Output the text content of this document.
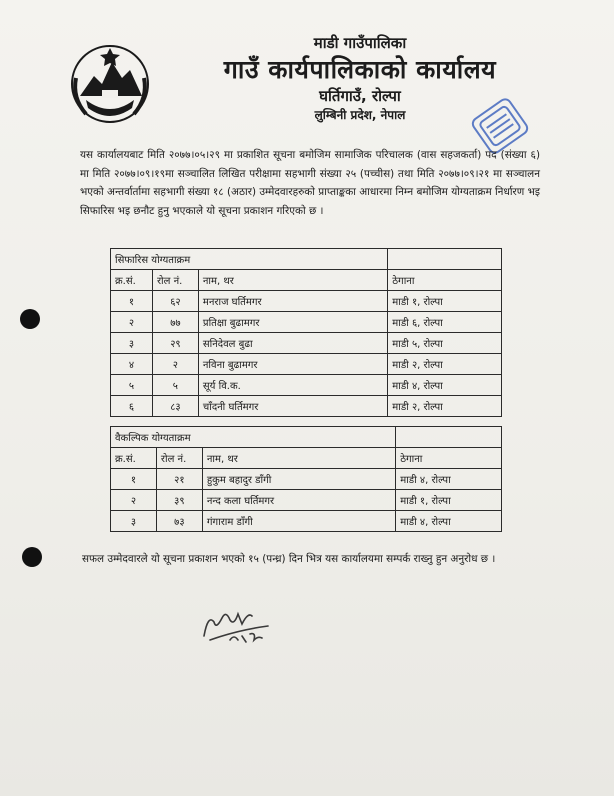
माडी गाउँपालिका
गाउँ कार्यपालिकाको कार्यालय
घर्तिगाउँ, रोल्पा
लुम्बिनी प्रदेश, नेपाल
यस कार्यालयबाट मिति २०७७।०५।२९ मा प्रकाशित सूचना बमोजिम सामाजिक परिचालक (वास सहजकर्ता) पद (संख्या ६) मा मिति २०७७।०९।१९मा सञ्चालित लिखित परीक्षामा सहभागी संख्या २५ (पच्चीस) तथा मिति २०७७।०९।२१ मा सञ्चालन भएको अन्तर्वार्तामा सहभागी संख्या १८ (अठार) उम्मेदवारहरुको प्राप्ताङ्कका आधारमा निम्न बमोजिम योग्यताक्रम निर्धारण भइ सिफारिस भइ छनौट हुनु भएकाले यो सूचना प्रकाशन गरिएको छ ।
सिफारिस योग्यताक्रम			
क्र.सं.	रोल नं.	नाम, थर	ठेगाना
१	६२	मनराज घर्तिमगर	माडी १, रोल्पा
२	७७	प्रतिक्षा बुढामगर	माडी ६, रोल्पा
३	२९	सनिदेवल बुढा	माडी ५, रोल्पा
४	२	नविना बुढामगर	माडी २, रोल्पा
५	५	सूर्य वि.क.	माडी ४, रोल्पा
६	८३	चाँदनी घर्तिमगर	माडी २, रोल्पा
वैकल्पिक योग्यताक्रम			
क्र.सं.	रोल नं.	नाम, थर	ठेगाना
१	२१	हुकुम बहादुर डाँगी	माडी ४, रोल्पा
२	३९	नन्द कला घर्तिमगर	माडी १, रोल्पा
३	७३	गंगाराम डाँगी	माडी ४, रोल्पा
सफल उम्मेदवारले यो सूचना प्रकाशन भएको १५ (पन्ध्र) दिन भित्र यस कार्यालयमा सम्पर्क राख्नु हुन अनुरोध छ ।
